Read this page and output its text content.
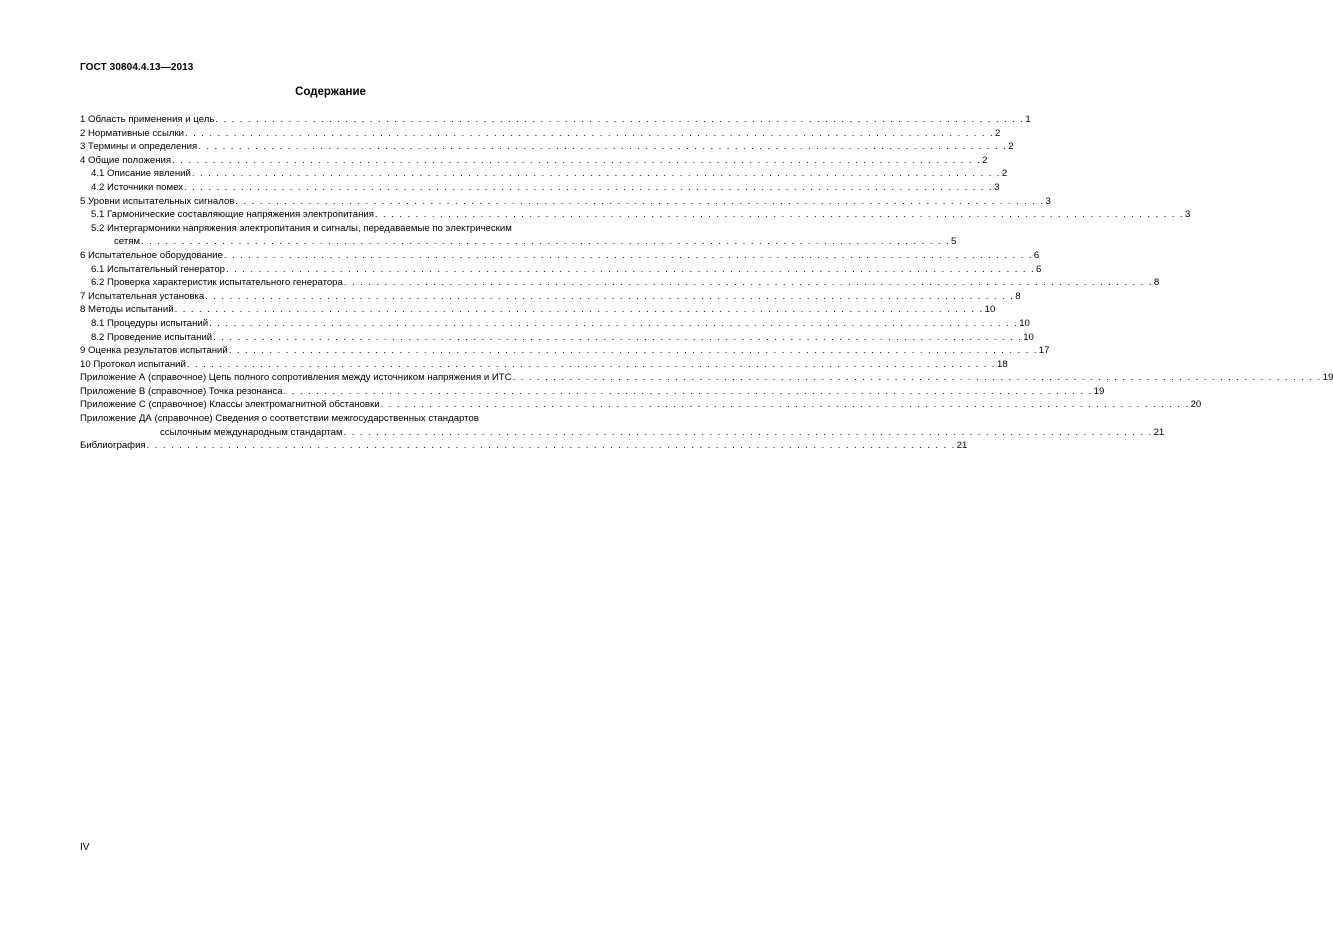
ГОСТ 30804.4.13—2013
Содержание
1 Область применения и цель . . . . . . . . . . . . . . . . . . . . . . . . . . . . . . . . . . . . . . . . . . . . . . . . . . . . . . . . . . . . . . . . . . . . . . . . . . . . . . . . . . . . . . . . . . . . . . . . . . . . 1
2 Нормативные ссылки . . . . . . . . . . . . . . . . . . . . . . . . . . . . . . . . . . . . . . . . . . . . . . . . . . . . . . . . . . . . . . . . . . . . . . . . . . . . . . . . . . . . . . . . . . . . . . . . . . . . 2
3 Термины и определения . . . . . . . . . . . . . . . . . . . . . . . . . . . . . . . . . . . . . . . . . . . . . . . . . . . . . . . . . . . . . . . . . . . . . . . . . . . . . . . . . . . . . . . . . . . . . . . . . . . . 2
4 Общие положения . . . . . . . . . . . . . . . . . . . . . . . . . . . . . . . . . . . . . . . . . . . . . . . . . . . . . . . . . . . . . . . . . . . . . . . . . . . . . . . . . . . . . . . . . . . . . . . . . . . . 2
4.1 Описание явлений . . . . . . . . . . . . . . . . . . . . . . . . . . . . . . . . . . . . . . . . . . . . . . . . . . . . . . . . . . . . . . . . . . . . . . . . . . . . . . . . . . . . . . . . . . . . . . . . . . . . 2
4.2 Источники помех . . . . . . . . . . . . . . . . . . . . . . . . . . . . . . . . . . . . . . . . . . . . . . . . . . . . . . . . . . . . . . . . . . . . . . . . . . . . . . . . . . . . . . . . . . . . . . . . . . . . 3
5 Уровни испытательных сигналов . . . . . . . . . . . . . . . . . . . . . . . . . . . . . . . . . . . . . . . . . . . . . . . . . . . . . . . . . . . . . . . . . . . . . . . . . . . . . . . . . . . . . . . . . . . . . . . . . . . . 3
5.1 Гармонические составляющие напряжения электропитания . . . . . . . . . . . . . . . . . . . . . . . . . . . . . . . . . . . . . . . . . . . . . . . . . . . . . . . . . . . . . . . . . . . . . . . . . . . . . . . . . . . . . . . . . . . . . . . . . . . . 3
5.2 Интергармоники напряжения электропитания и сигналы, передаваемые по электрическим
сетям . . . . . . . . . . . . . . . . . . . . . . . . . . . . . . . . . . . . . . . . . . . . . . . . . . . . . . . . . . . . . . . . . . . . . . . . . . . . . . . . . . . . . . . . . . . . . . . . . . . . 5
6 Испытательное оборудование . . . . . . . . . . . . . . . . . . . . . . . . . . . . . . . . . . . . . . . . . . . . . . . . . . . . . . . . . . . . . . . . . . . . . . . . . . . . . . . . . . . . . . . . . . . . . . . . . . . . 6
6.1 Испытательный генератор . . . . . . . . . . . . . . . . . . . . . . . . . . . . . . . . . . . . . . . . . . . . . . . . . . . . . . . . . . . . . . . . . . . . . . . . . . . . . . . . . . . . . . . . . . . . . . . . . . . . 6
6.2 Проверка характеристик испытательного генератора . . . . . . . . . . . . . . . . . . . . . . . . . . . . . . . . . . . . . . . . . . . . . . . . . . . . . . . . . . . . . . . . . . . . . . . . . . . . . . . . . . . . . . . . . . . . . . . . . . . . 8
7 Испытательная установка . . . . . . . . . . . . . . . . . . . . . . . . . . . . . . . . . . . . . . . . . . . . . . . . . . . . . . . . . . . . . . . . . . . . . . . . . . . . . . . . . . . . . . . . . . . . . . . . . . . . 8
8 Методы испытаний . . . . . . . . . . . . . . . . . . . . . . . . . . . . . . . . . . . . . . . . . . . . . . . . . . . . . . . . . . . . . . . . . . . . . . . . . . . . . . . . . . . . . . . . . . . . . . . . . . . . 10
8.1 Процедуры испытаний . . . . . . . . . . . . . . . . . . . . . . . . . . . . . . . . . . . . . . . . . . . . . . . . . . . . . . . . . . . . . . . . . . . . . . . . . . . . . . . . . . . . . . . . . . . . . . . . . . . . 10
8.2 Проведение испытаний . . . . . . . . . . . . . . . . . . . . . . . . . . . . . . . . . . . . . . . . . . . . . . . . . . . . . . . . . . . . . . . . . . . . . . . . . . . . . . . . . . . . . . . . . . . . . . . . . . . . 10
9 Оценка результатов испытаний . . . . . . . . . . . . . . . . . . . . . . . . . . . . . . . . . . . . . . . . . . . . . . . . . . . . . . . . . . . . . . . . . . . . . . . . . . . . . . . . . . . . . . . . . . . . . . . . . . . . 17
10 Протокол испытаний . . . . . . . . . . . . . . . . . . . . . . . . . . . . . . . . . . . . . . . . . . . . . . . . . . . . . . . . . . . . . . . . . . . . . . . . . . . . . . . . . . . . . . . . . . . . . . . . . . . . 18
Приложение А (справочное) Цепь полного сопротивления между источником напряжения и ИТС . . . . . . . . . . . . . . . . . . . . . . . . . . . . . . . . . . . . . . . . . . . . . . . . . . . . . . . . . . . . . . . . . . . . . . . . . . . . . . . . . . . . . . . . . . . . . . . . . . . . 19
Приложение В (справочное) Точка резонанса . . . . . . . . . . . . . . . . . . . . . . . . . . . . . . . . . . . . . . . . . . . . . . . . . . . . . . . . . . . . . . . . . . . . . . . . . . . . . . . . . . . . . . . . . . . . . . . . . . . . 19
Приложение С (справочное) Классы электромагнитной обстановки . . . . . . . . . . . . . . . . . . . . . . . . . . . . . . . . . . . . . . . . . . . . . . . . . . . . . . . . . . . . . . . . . . . . . . . . . . . . . . . . . . . . . . . . . . . . . . . . . . . . 20
Приложение ДА (справочное) Сведения о соответствии межгосударственных стандартов
ссылочным международным стандартам . . . . . . . . . . . . . . . . . . . . . . . . . . . . . . . . . . . . . . . . . . . . . . . . . . . . . . . . . . . . . . . . . . . . . . . . . . . . . . . . . . . . . . . . . . . . . . . . . . . . 21
Библиография . . . . . . . . . . . . . . . . . . . . . . . . . . . . . . . . . . . . . . . . . . . . . . . . . . . . . . . . . . . . . . . . . . . . . . . . . . . . . . . . . . . . . . . . . . . . . . . . . . . . 21
IV
